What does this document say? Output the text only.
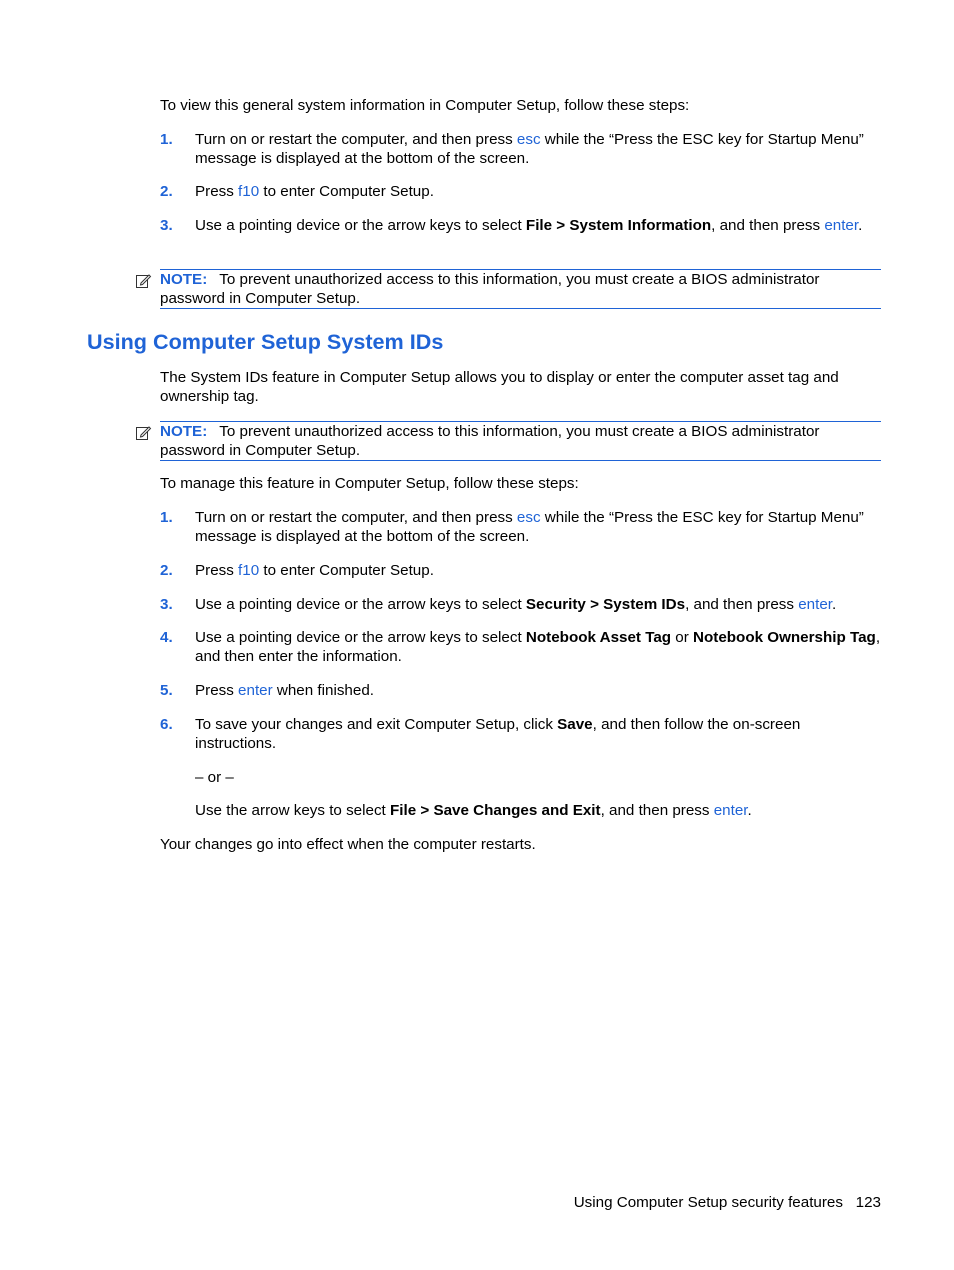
To view this general system information in Computer Setup, follow these steps:

1. Turn on or restart the computer, and then press esc while the “Press the ESC key for Startup Menu” message is displayed at the bottom of the screen.
2. Press f10 to enter Computer Setup.
3. Use a pointing device or the arrow keys to select File > System Information, and then press enter.
NOTE: To prevent unauthorized access to this information, you must create a BIOS administrator password in Computer Setup.
Using Computer Setup System IDs

The System IDs feature in Computer Setup allows you to display or enter the computer asset tag and ownership tag.

NOTE: To prevent unauthorized access to this information, you must create a BIOS administrator password in Computer Setup.

To manage this feature in Computer Setup, follow these steps:

1. Turn on or restart the computer, and then press esc while the “Press the ESC key for Startup Menu” message is displayed at the bottom of the screen.
2. Press f10 to enter Computer Setup.
3. Use a pointing device or the arrow keys to select Security > System IDs, and then press enter.
4. Use a pointing device or the arrow keys to select Notebook Asset Tag or Notebook Ownership Tag, and then enter the information.
5. Press enter when finished.
6. To save your changes and exit Computer Setup, click Save, and then follow the on-screen instructions.
– or –
Use the arrow keys to select File > Save Changes and Exit, and then press enter.

Your changes go into effect when the computer restarts.

Using Computer Setup security features 123
